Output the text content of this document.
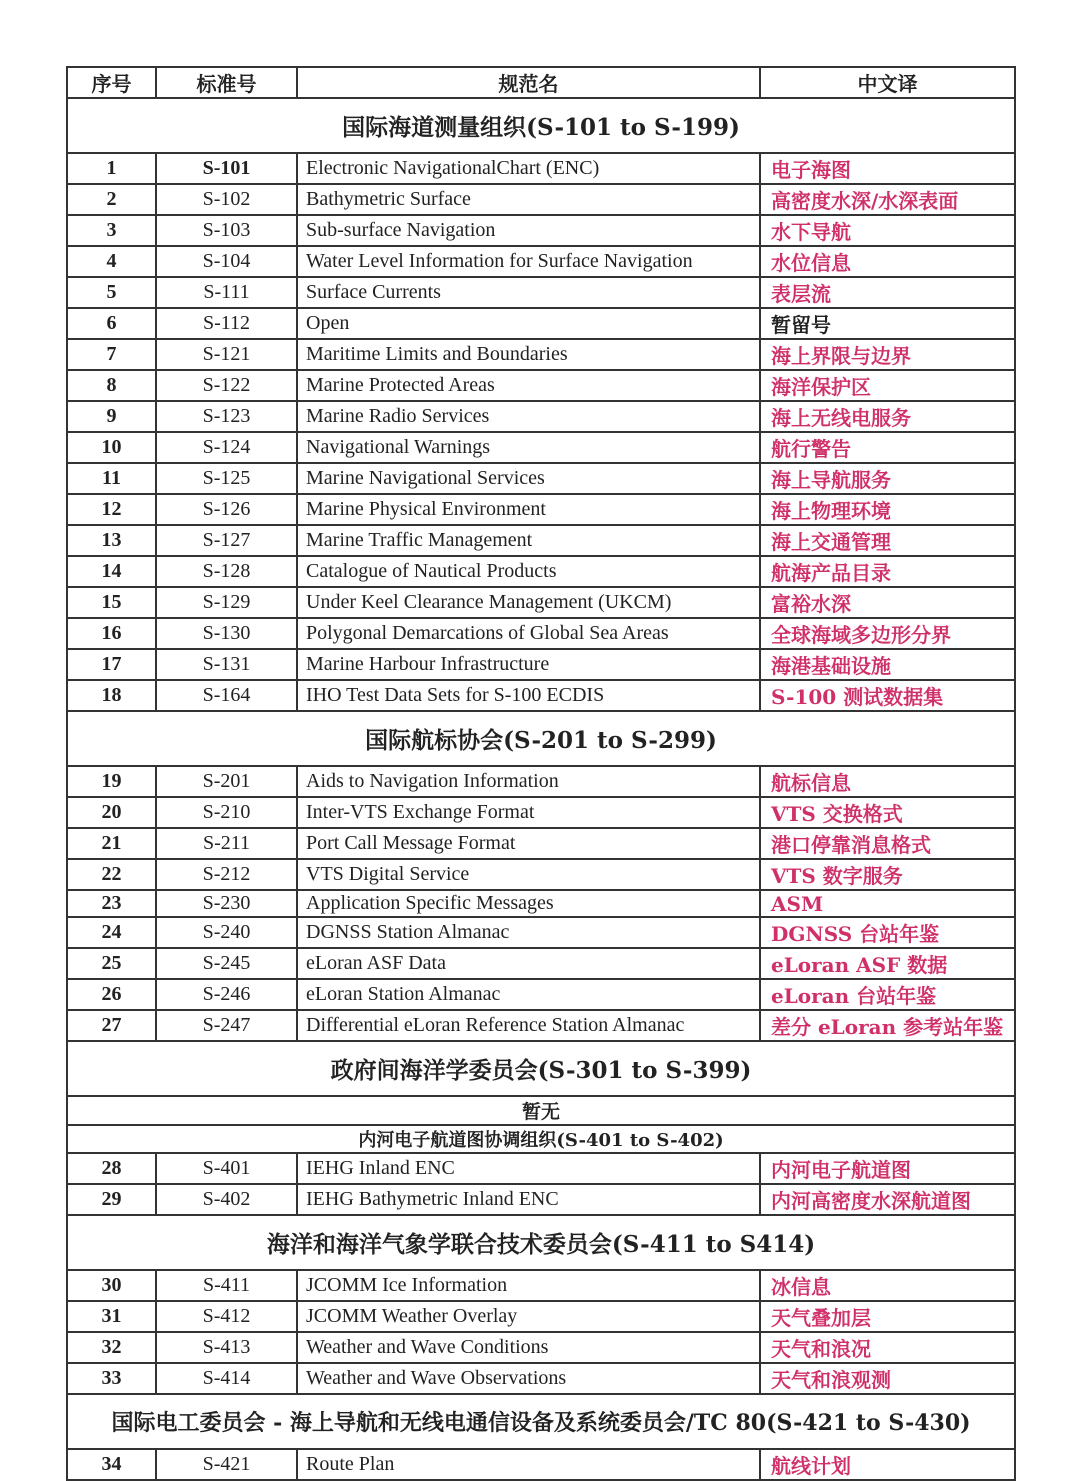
序号	标准号	规范名	中文译
国际海道测量组织(S-101 to S-199)			
1	S-101	Electronic NavigationalChart (ENC)	电子海图
2	S-102	Bathymetric Surface	高密度水深/水深表面
3	S-103	Sub-surface Navigation	水下导航
4	S-104	Water Level Information for Surface Navigation	水位信息
5	S-111	Surface Currents	表层流
6	S-112	Open	暂留号
7	S-121	Maritime Limits and Boundaries	海上界限与边界
8	S-122	Marine Protected Areas	海洋保护区
9	S-123	Marine Radio Services	海上无线电服务
10	S-124	Navigational Warnings	航行警告
11	S-125	Marine Navigational Services	海上导航服务
12	S-126	Marine Physical Environment	海上物理环境
13	S-127	Marine Traffic Management	海上交通管理
14	S-128	Catalogue of Nautical Products	航海产品目录
15	S-129	Under Keel Clearance Management (UKCM)	富裕水深
16	S-130	Polygonal Demarcations of Global Sea Areas	全球海域多边形分界
17	S-131	Marine Harbour Infrastructure	海港基础设施
18	S-164	IHO Test Data Sets for S-100 ECDIS	S-100 测试数据集
国际航标协会(S-201 to S-299)			
19	S-201	Aids to Navigation Information	航标信息
20	S-210	Inter-VTS Exchange Format	VTS 交换格式
21	S-211	Port Call Message Format	港口停靠消息格式
22	S-212	VTS Digital Service	VTS 数字服务
23	S-230	Application Specific Messages	ASM
24	S-240	DGNSS Station Almanac	DGNSS 台站年鉴
25	S-245	eLoran ASF Data	eLoran ASF 数据
26	S-246	eLoran Station Almanac	eLoran 台站年鉴
27	S-247	Differential eLoran Reference Station Almanac	差分 eLoran 参考站年鉴
政府间海洋学委员会(S-301 to S-399)			
暂无			
内河电子航道图协调组织(S-401 to S-402)			
28	S-401	IEHG Inland ENC	内河电子航道图
29	S-402	IEHG Bathymetric Inland ENC	内河高密度水深航道图
海洋和海洋气象学联合技术委员会(S-411 to S414)			
30	S-411	JCOMM Ice Information	冰信息
31	S-412	JCOMM Weather Overlay	天气叠加层
32	S-413	Weather and Wave Conditions	天气和浪况
33	S-414	Weather and Wave Observations	天气和浪观测
国际电工委员会 - 海上导航和无线电通信设备及系统委员会/TC 80(S-421 to S-430)			
34	S-421	Route Plan	航线计划
